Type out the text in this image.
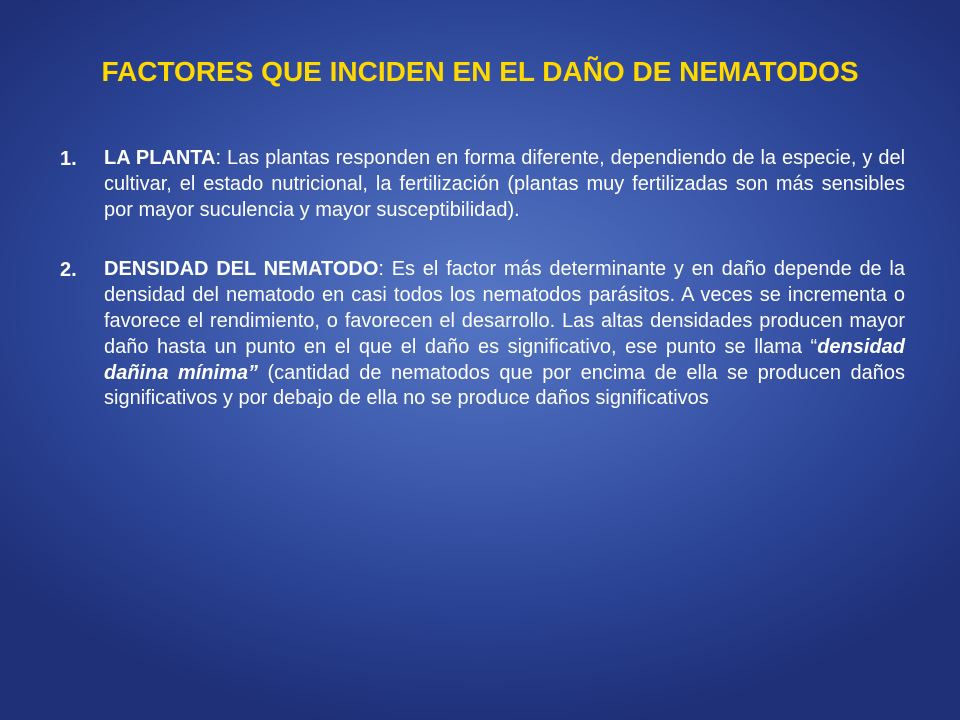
FACTORES QUE INCIDEN EN EL DAÑO DE NEMATODOS
1. LA PLANTA: Las plantas responden en forma diferente, dependiendo de la especie, y del cultivar, el estado nutricional, la fertilización (plantas muy fertilizadas son más sensibles por mayor suculencia y mayor susceptibilidad).
2. DENSIDAD DEL NEMATODO: Es el factor más determinante y en daño depende de la densidad del nematodo en casi todos los nematodos parásitos. A veces se incrementa o favorece el rendimiento, o favorecen el desarrollo. Las altas densidades producen mayor daño hasta un punto en el que el daño es significativo, ese punto se llama “densidad dañina mínima” (cantidad de nematodos que por encima de ella se producen daños significativos y por debajo de ella no se produce daños significativos
